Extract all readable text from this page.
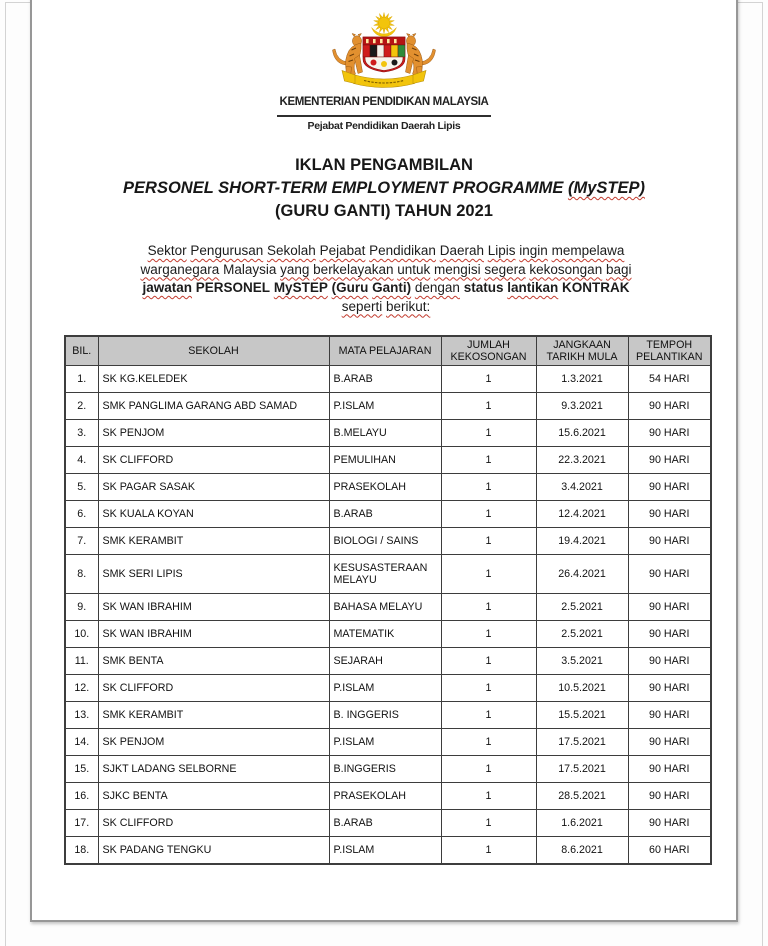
KEMENTERIAN PENDIDIKAN MALAYSIA
Pejabat Pendidikan Daerah Lipis
IKLAN PENGAMBILAN
PERSONEL SHORT-TERM EMPLOYMENT PROGRAMME (MySTEP)
(GURU GANTI) TAHUN 2021
Sektor Pengurusan Sekolah Pejabat Pendidikan Daerah Lipis ingin mempelawa
warganegara Malaysia yang berkelayakan untuk mengisi segera kekosongan bagi
jawatan PERSONEL MySTEP (Guru Ganti) dengan status lantikan KONTRAK
seperti berikut:
BIL.	SEKOLAH	MATA PELAJARAN	JUMLAH KEKOSONGAN	JANGKAAN TARIKH MULA	TEMPOH PELANTIKAN
1.	SK KG.KELEDEK	B.ARAB	1	1.3.2021	54 HARI
2.	SMK PANGLIMA GARANG ABD SAMAD	P.ISLAM	1	9.3.2021	90 HARI
3.	SK PENJOM	B.MELAYU	1	15.6.2021	90 HARI
4.	SK CLIFFORD	PEMULIHAN	1	22.3.2021	90 HARI
5.	SK PAGAR SASAK	PRASEKOLAH	1	3.4.2021	90 HARI
6.	SK KUALA KOYAN	B.ARAB	1	12.4.2021	90 HARI
7.	SMK KERAMBIT	BIOLOGI / SAINS	1	19.4.2021	90 HARI
8.	SMK SERI LIPIS	KESUSASTERAAN MELAYU	1	26.4.2021	90 HARI
9.	SK WAN IBRAHIM	BAHASA MELAYU	1	2.5.2021	90 HARI
10.	SK WAN IBRAHIM	MATEMATIK	1	2.5.2021	90 HARI
11.	SMK BENTA	SEJARAH	1	3.5.2021	90 HARI
12.	SK CLIFFORD	P.ISLAM	1	10.5.2021	90 HARI
13.	SMK KERAMBIT	B. INGGERIS	1	15.5.2021	90 HARI
14.	SK PENJOM	P.ISLAM	1	17.5.2021	90 HARI
15.	SJKT LADANG SELBORNE	B.INGGERIS	1	17.5.2021	90 HARI
16.	SJKC BENTA	PRASEKOLAH	1	28.5.2021	90 HARI
17.	SK CLIFFORD	B.ARAB	1	1.6.2021	90 HARI
18.	SK PADANG TENGKU	P.ISLAM	1	8.6.2021	60 HARI
